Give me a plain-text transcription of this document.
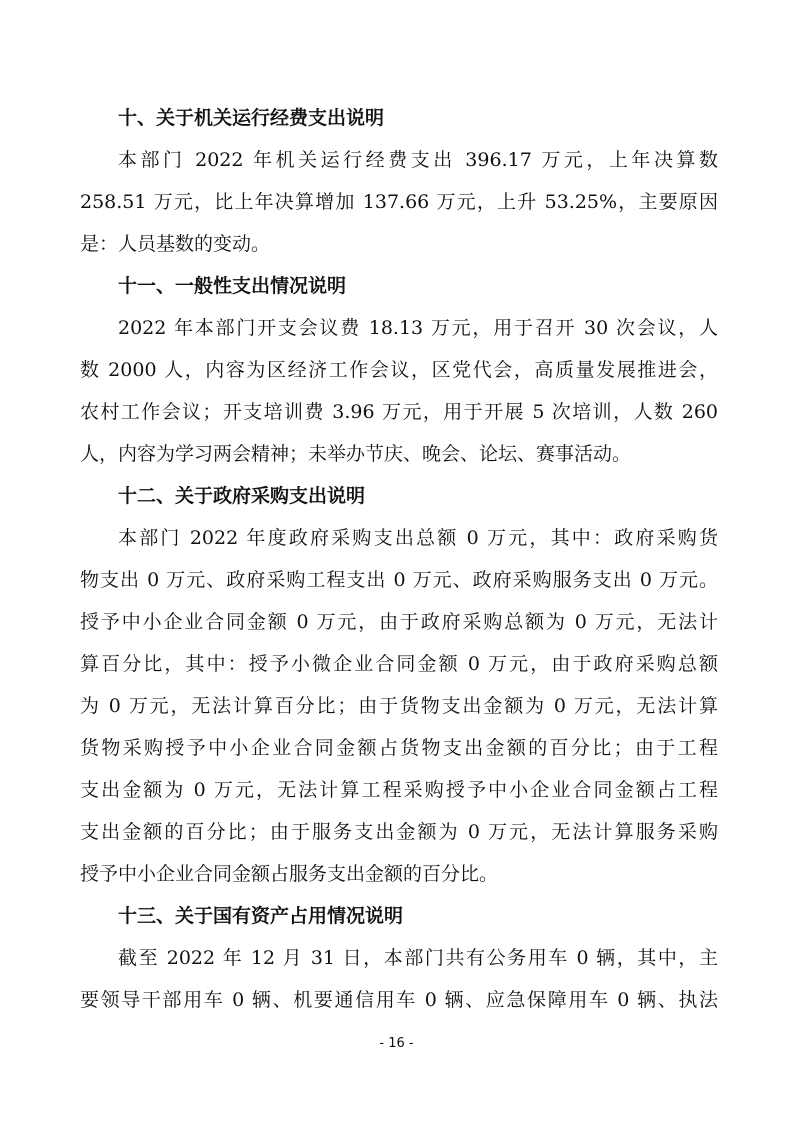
十、关于机关运行经费支出说明

本部门 2022 年机关运行经费支出 396.17 万元，上年决算数
258.51 万元，比上年决算增加 137.66 万元，上升 53.25%，主要原因
是：人员基数的变动。

十一、一般性支出情况说明

2022 年本部门开支会议费 18.13 万元，用于召开 30 次会议，人
数 2000 人，内容为区经济工作会议，区党代会，高质量发展推进会，
农村工作会议；开支培训费 3.96 万元，用于开展 5 次培训，人数 260
人，内容为学习两会精神；未举办节庆、晚会、论坛、赛事活动。

十二、关于政府采购支出说明

本部门 2022 年度政府采购支出总额 0 万元，其中：政府采购货
物支出 0 万元、政府采购工程支出 0 万元、政府采购服务支出 0 万元。
授予中小企业合同金额 0 万元，由于政府采购总额为 0 万元，无法计
算百分比，其中：授予小微企业合同金额 0 万元，由于政府采购总额
为 0 万元，无法计算百分比；由于货物支出金额为 0 万元，无法计算
货物采购授予中小企业合同金额占货物支出金额的百分比；由于工程
支出金额为 0 万元，无法计算工程采购授予中小企业合同金额占工程
支出金额的百分比；由于服务支出金额为 0 万元，无法计算服务采购
授予中小企业合同金额占服务支出金额的百分比。

十三、关于国有资产占用情况说明

截至 2022 年 12 月 31 日，本部门共有公务用车 0 辆，其中，主
要领导干部用车 0 辆、机要通信用车 0 辆、应急保障用车 0 辆、执法

- 16 -
